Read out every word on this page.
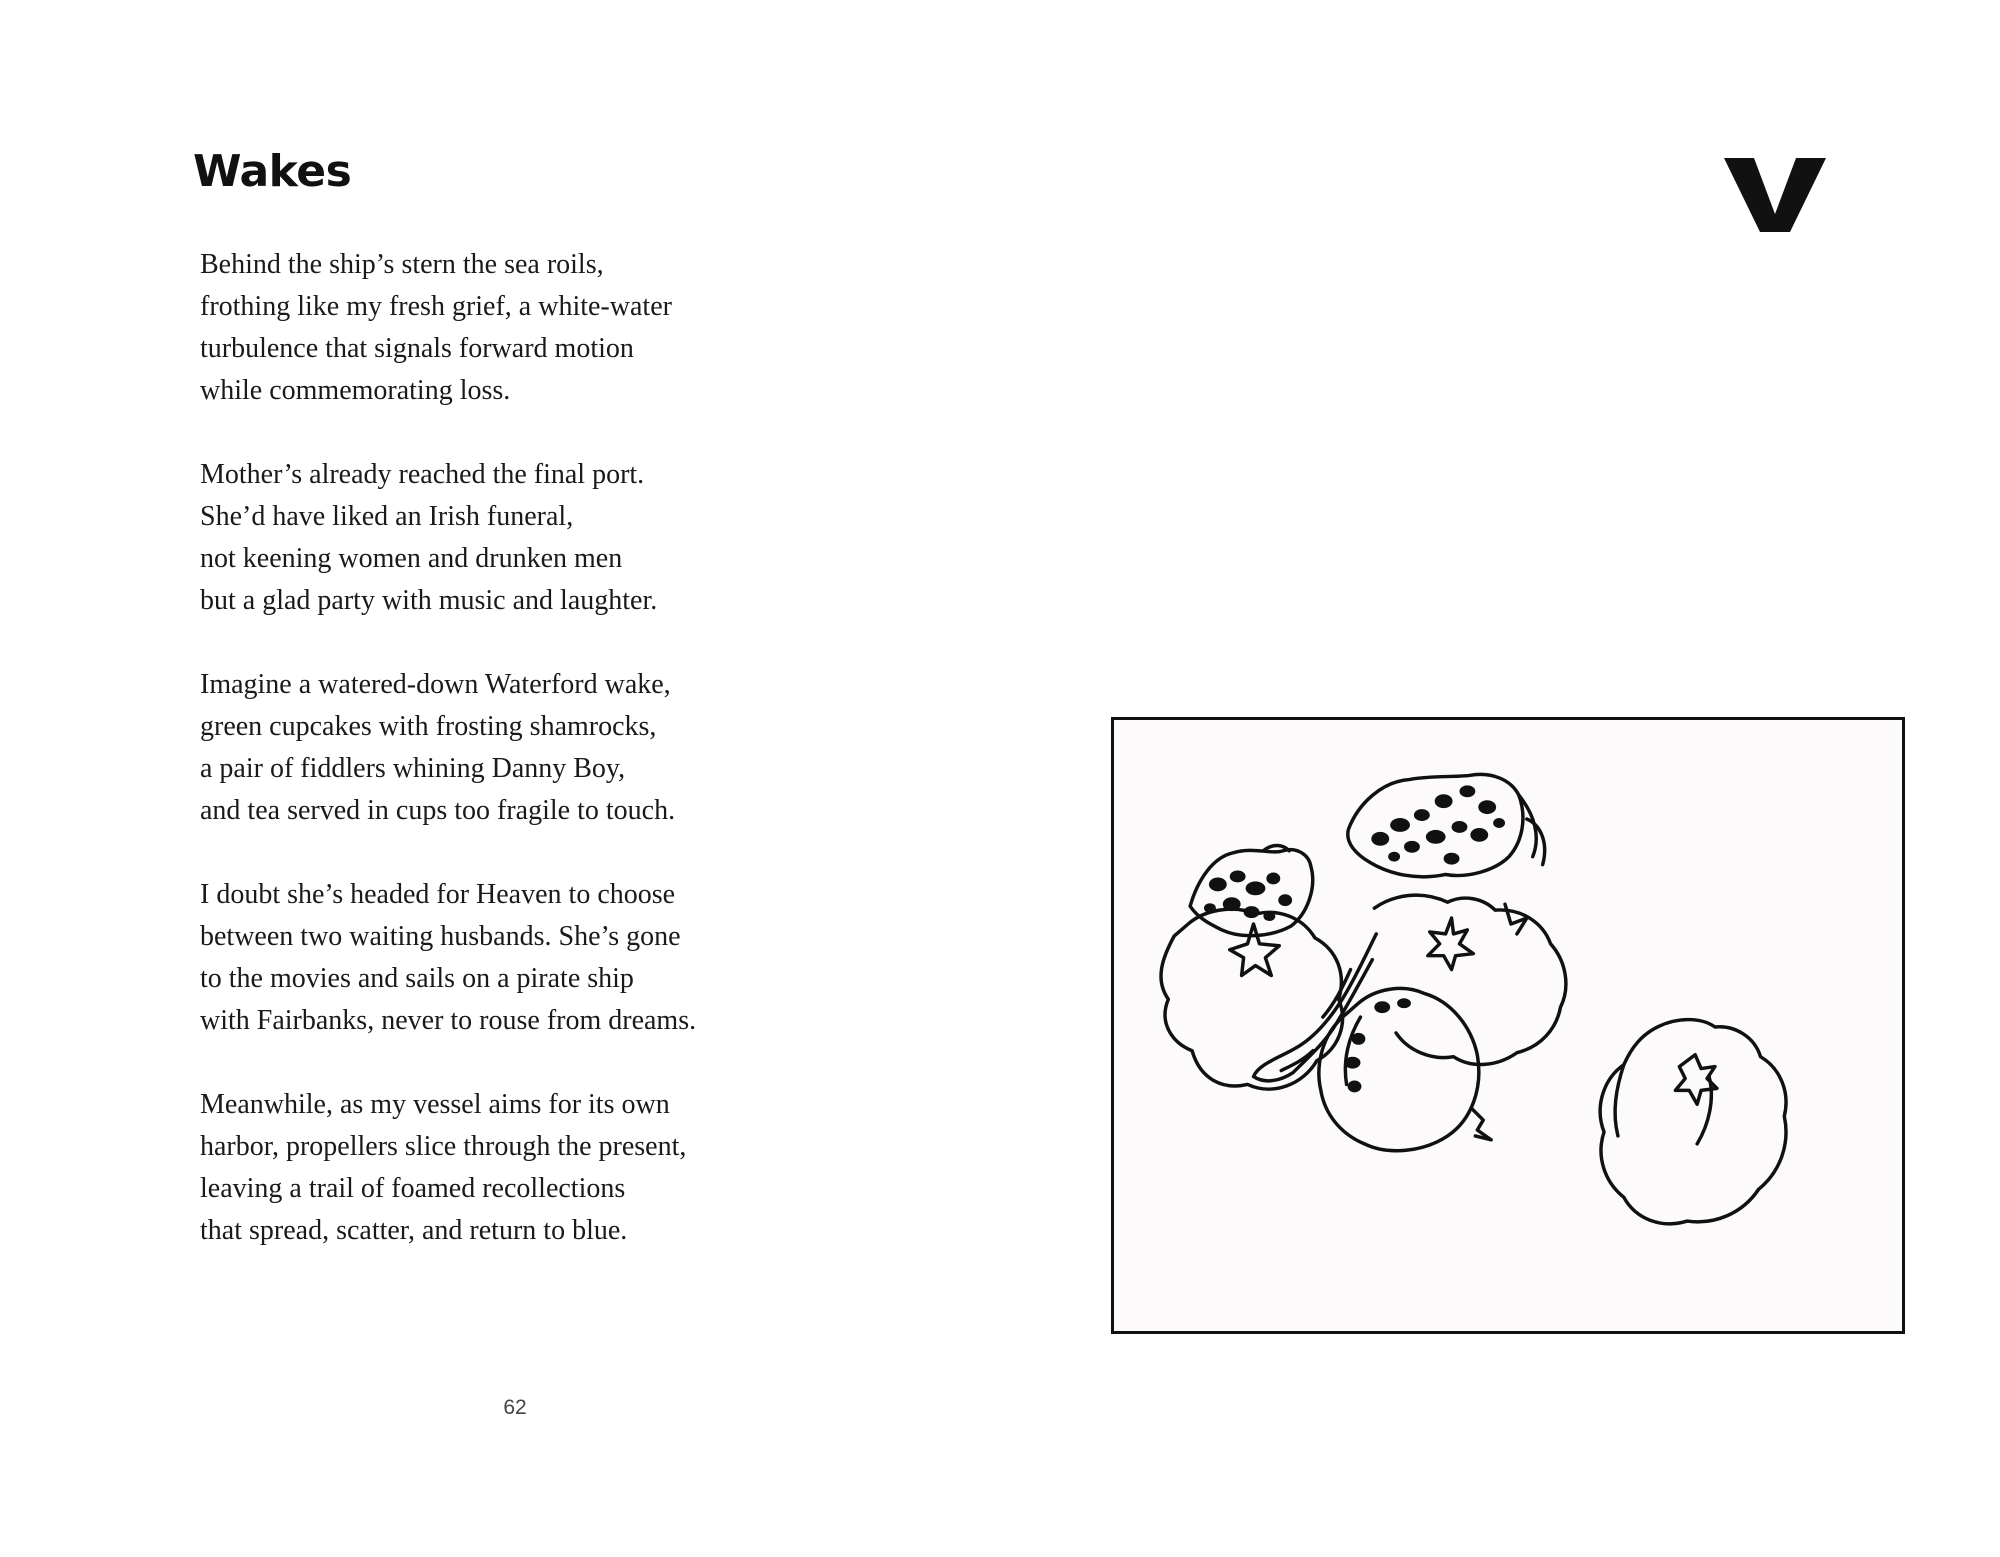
Wakes

Behind the ship’s stern the sea roils,
frothing like my fresh grief, a white-water
turbulence that signals forward motion
while commemorating loss.

Mother’s already reached the final port.
She’d have liked an Irish funeral,
not keening women and drunken men
but a glad party with music and laughter.

Imagine a watered-down Waterford wake,
green cupcakes with frosting shamrocks,
a pair of fiddlers whining Danny Boy,
and tea served in cups too fragile to touch.

I doubt she’s headed for Heaven to choose
between two waiting husbands. She’s gone
to the movies and sails on a pirate ship
with Fairbanks, never to rouse from dreams.

Meanwhile, as my vessel aims for its own
harbor, propellers slice through the present,
leaving a trail of foamed recollections
that spread, scatter, and return to blue.

62
